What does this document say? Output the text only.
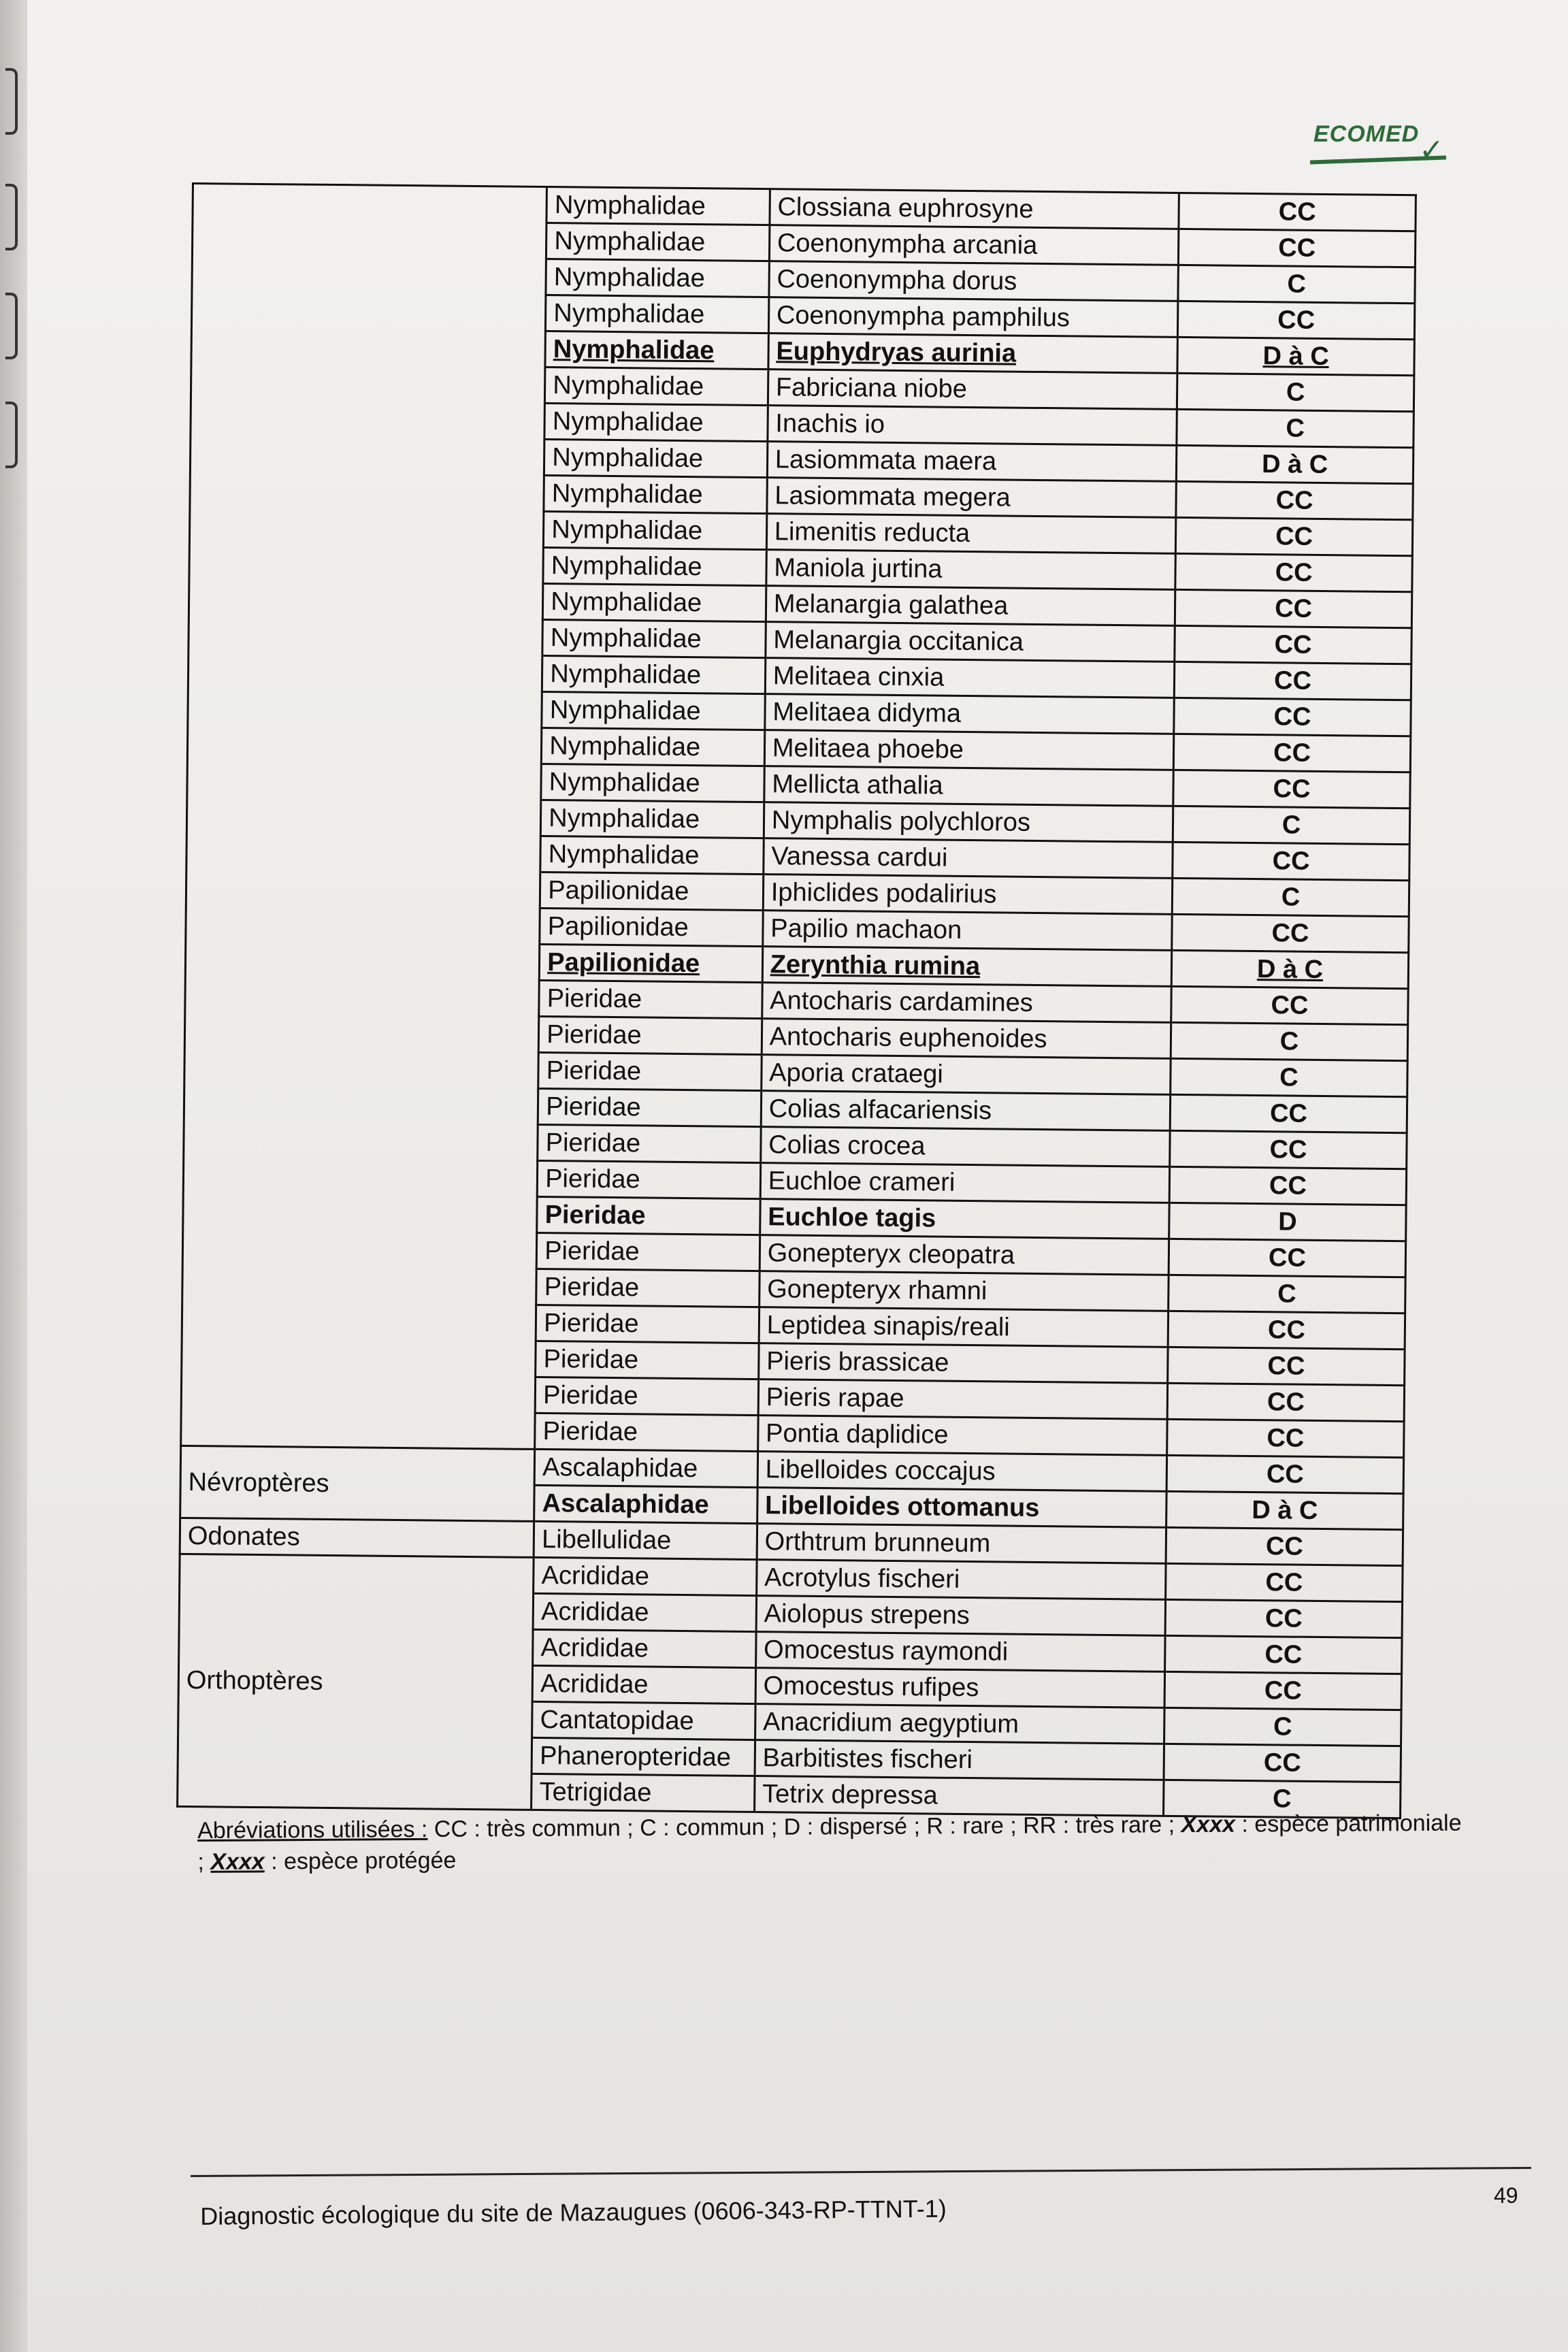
ECOMED ✓
	Nymphalidae	Clossiana euphrosyne	CC
	Nymphalidae	Coenonympha arcania	CC
	Nymphalidae	Coenonympha dorus	C
	Nymphalidae	Coenonympha pamphilus	CC
	Nymphalidae	Euphydryas aurinia	D à C
	Nymphalidae	Fabriciana niobe	C
	Nymphalidae	Inachis io	C
	Nymphalidae	Lasiommata maera	D à C
	Nymphalidae	Lasiommata megera	CC
	Nymphalidae	Limenitis reducta	CC
	Nymphalidae	Maniola jurtina	CC
	Nymphalidae	Melanargia galathea	CC
	Nymphalidae	Melanargia occitanica	CC
	Nymphalidae	Melitaea cinxia	CC
	Nymphalidae	Melitaea didyma	CC
	Nymphalidae	Melitaea phoebe	CC
	Nymphalidae	Mellicta athalia	CC
	Nymphalidae	Nymphalis polychloros	C
	Nymphalidae	Vanessa cardui	CC
	Papilionidae	Iphiclides podalirius	C
	Papilionidae	Papilio machaon	CC
	Papilionidae	Zerynthia rumina	D à C
	Pieridae	Antocharis cardamines	CC
	Pieridae	Antocharis euphenoides	C
	Pieridae	Aporia crataegi	C
	Pieridae	Colias alfacariensis	CC
	Pieridae	Colias crocea	CC
	Pieridae	Euchloe crameri	CC
	Pieridae	Euchloe tagis	D
	Pieridae	Gonepteryx cleopatra	CC
	Pieridae	Gonepteryx rhamni	C
	Pieridae	Leptidea sinapis/reali	CC
	Pieridae	Pieris brassicae	CC
	Pieridae	Pieris rapae	CC
	Pieridae	Pontia daplidice	CC
Névroptères	Ascalaphidae	Libelloides coccajus	CC
	Ascalaphidae	Libelloides ottomanus	D à C
Odonates	Libellulidae	Orthtrum brunneum	CC
Orthoptères	Acrididae	Acrotylus fischeri	CC
	Acrididae	Aiolopus strepens	CC
	Acrididae	Omocestus raymondi	CC
	Acrididae	Omocestus rufipes	CC
	Cantatopidae	Anacridium aegyptium	C
	Phaneropteridae	Barbitistes fischeri	CC
	Tetrigidae	Tetrix depressa	C
Abréviations utilisées : CC : très commun ; C : commun ; D : dispersé ; R : rare ; RR : très rare ; Xxxx : espèce patrimoniale ; Xxxx : espèce protégée
Diagnostic écologique du site de Mazaugues (0606-343-RP-TTNT-1)	49
